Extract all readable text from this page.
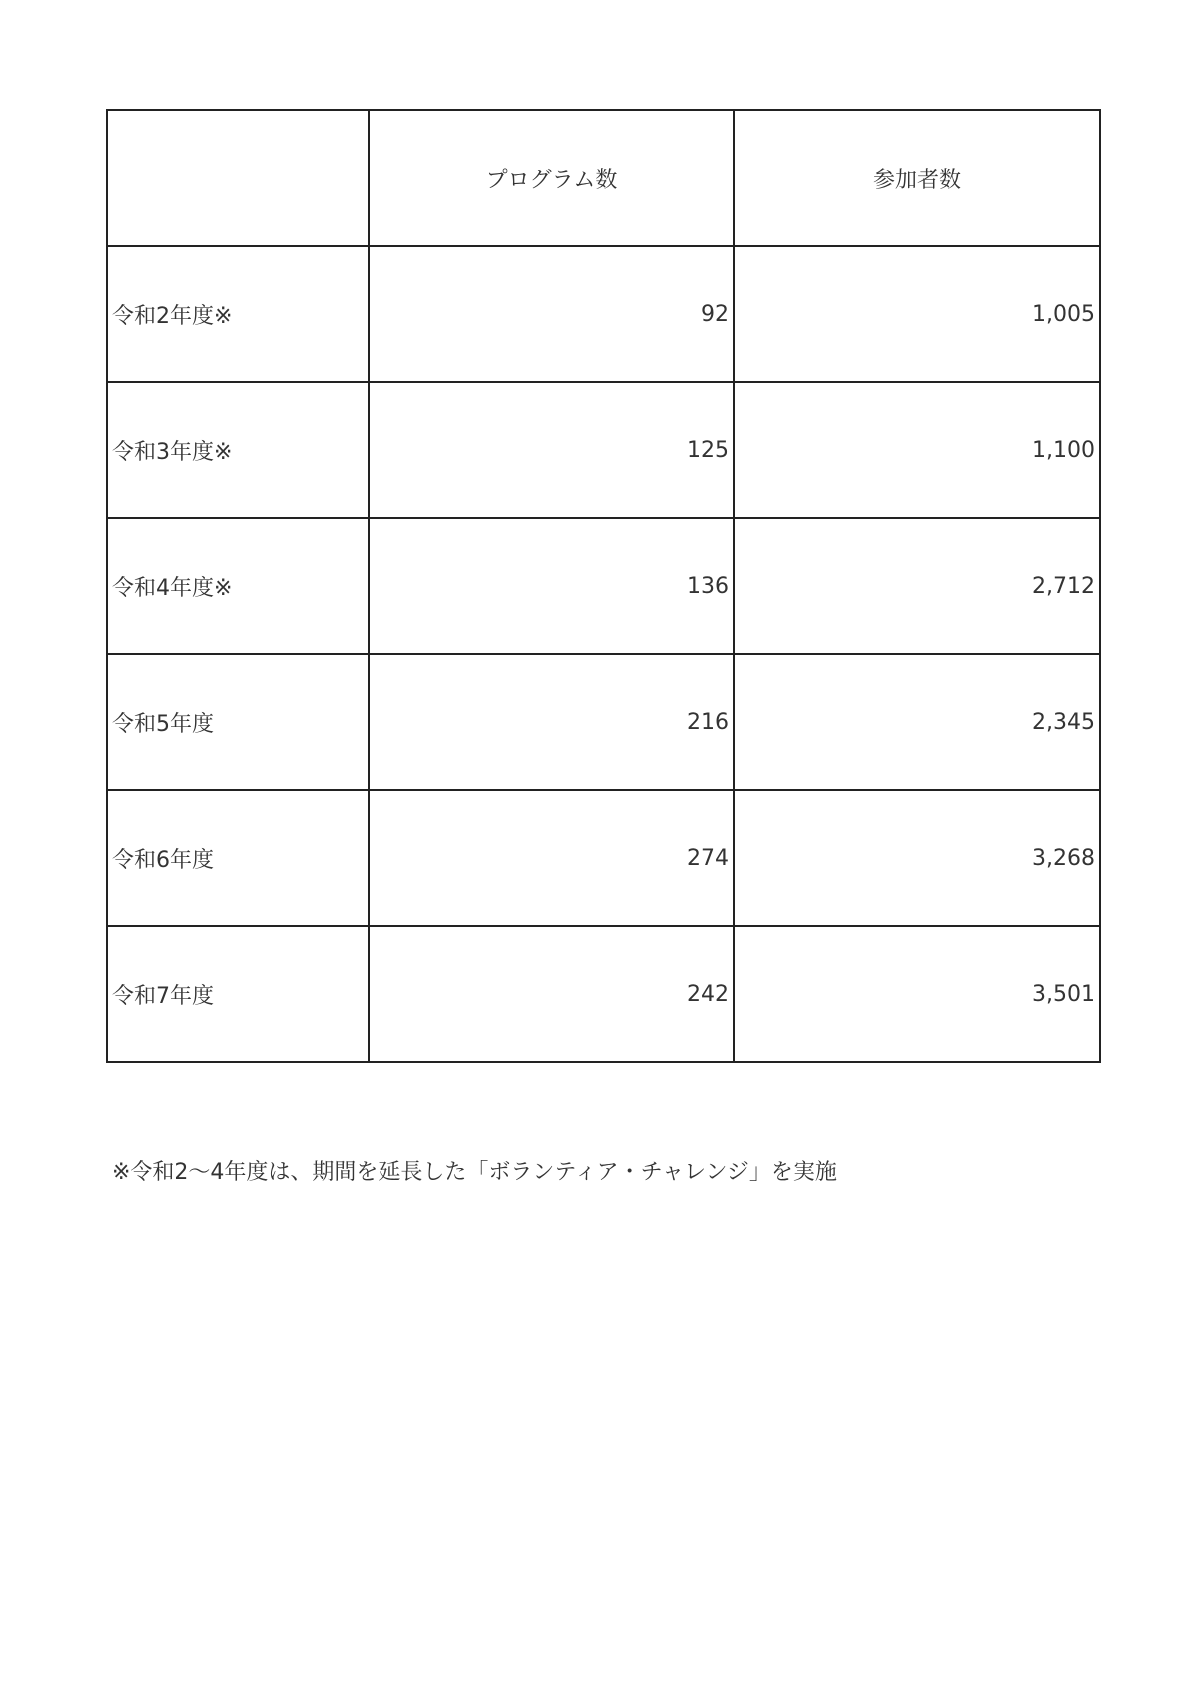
	プログラム数	参加者数
令和2年度※	92	1,005
令和3年度※	125	1,100
令和4年度※	136	2,712
令和5年度	216	2,345
令和6年度	274	3,268
令和7年度	242	3,501
※令和2～4年度は、期間を延長した「ボランティア・チャレンジ」を実施
